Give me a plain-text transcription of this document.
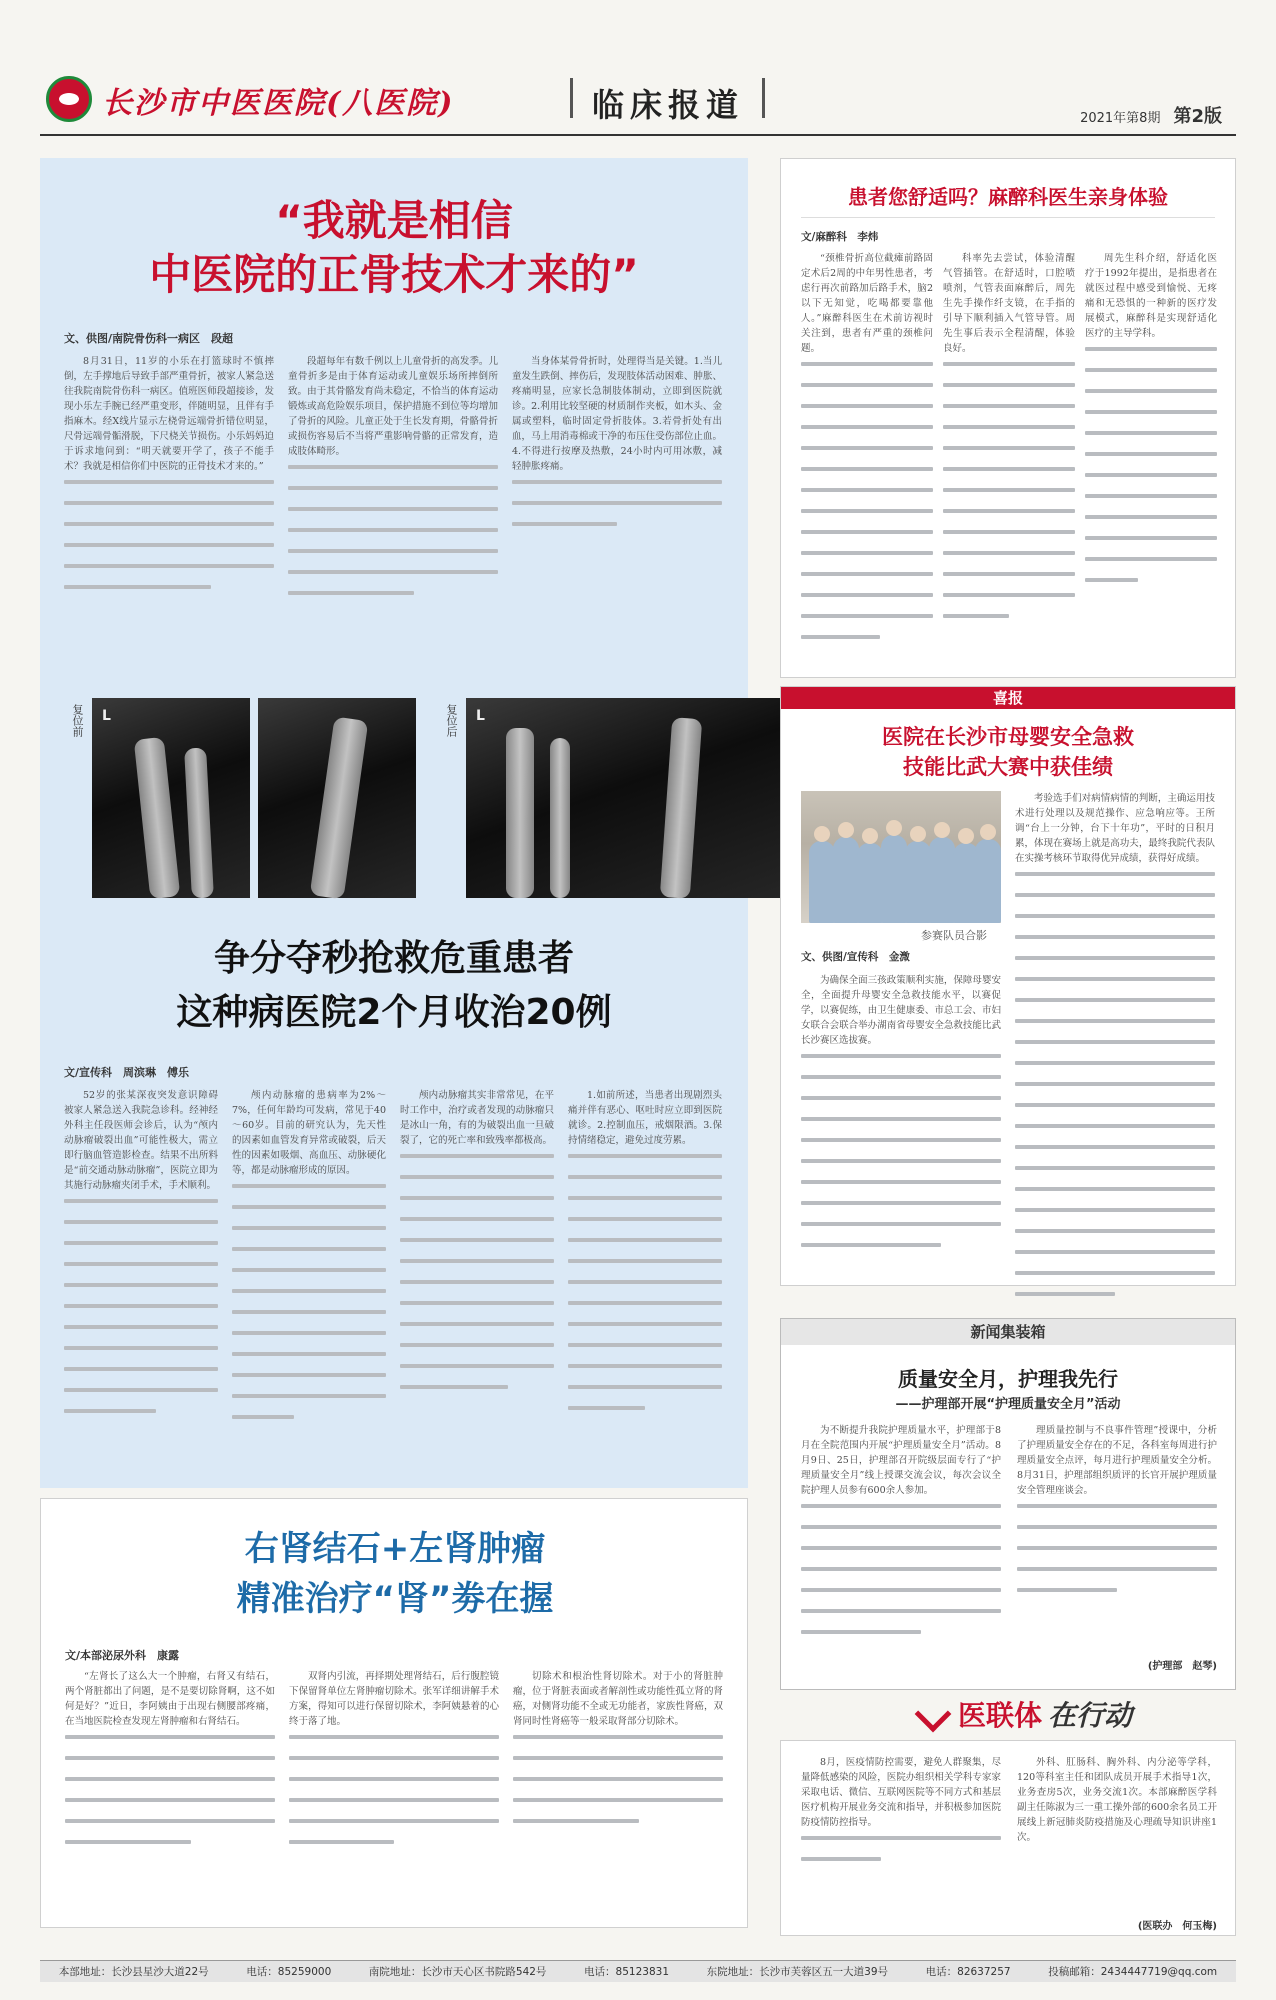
长沙市中医医院(八医院)	临床报道	2021年第8期　 第2版
“我就是相信
中医院的正骨技术才来的”
文、供图/南院骨伤科一病区　段超

8月31日，11岁的小乐在打篮球时不慎摔倒，左手撑地后导致手部严重骨折，被家人紧急送往我院南院骨伤科一病区。值班医师段超接诊，发现小乐左手腕已经严重变形，伴随明显，且伴有手指麻木。经X线片显示左桡骨远端骨折错位明显，尺骨远端骨骺滑脱，下尺桡关节损伤。小乐妈妈迫于诉求地问到：“明天就要开学了，孩子不能手术？我就是相信你们中医院的正骨技术才来的。”

段超每年有数千例以上儿童骨折的高发季。儿童骨折多是由于体育运动或儿童娱乐场所摔倒所致。由于其骨骼发育尚未稳定，不恰当的体育运动锻炼或高危险娱乐项目，保护措施不到位等均增加了骨折的风险。儿童正处于生长发育期，骨骼骨折或损伤容易后不当将严重影响骨骼的正常发育，造成肢体畸形。

当身体某骨骨折时，处理得当是关键。1.当儿童发生跌倒、摔伤后，发现肢体活动困难、肿胀、疼痛明显，应家长急制肢体制动，立即到医院就诊。2.利用比较坚硬的材质制作夹板，如木头、金属或塑料，临时固定骨折肢体。3.若骨折处有出血，马上用消毒棉或干净的布压住受伤部位止血。4.不得进行按摩及热敷，24小时内可用冰敷，减轻肿胀疼痛。

复位前 L	复位后 L
争分夺秒抢救危重患者
这种病医院2个月收治20例
文/宣传科　周滨琳　傅乐

52岁的张某深夜突发意识障碍被家人紧急送入我院急诊科。经神经外科主任段医师会诊后，认为“颅内动脉瘤破裂出血”可能性极大，需立即行脑血管造影检查。结果不出所料是“前交通动脉动脉瘤”，医院立即为其施行动脉瘤夹闭手术，手术顺利。

颅内动脉瘤的患病率为2%～7%，任何年龄均可发病，常见于40～60岁。目前的研究认为，先天性的因素如血管发育异常或破裂，后天性的因素如吸烟、高血压、动脉硬化等，都是动脉瘤形成的原因。

颅内动脉瘤其实非常常见，在平时工作中，治疗或者发现的动脉瘤只是冰山一角，有的为破裂出血一旦破裂了，它的死亡率和致残率都极高。

1.如前所述，当患者出现剧烈头痛并伴有恶心、呕吐时应立即到医院就诊。2.控制血压，戒烟限酒。3.保持情绪稳定，避免过度劳累。

右肾结石+左肾肿瘤
精准治疗“肾”劵在握
文/本部泌尿外科　康露

“左肾长了这么大一个肿瘤，右肾又有结石，两个肾脏都出了问题，是不是要切除肾啊，这不如何是好？”近日，李阿姨由于出现右侧腰部疼痛，在当地医院检查发现左肾肿瘤和右肾结石。

双肾内引流，再择期处理肾结石，后行腹腔镜下保留肾单位左肾肿瘤切除术。张军详细讲解手术方案，得知可以进行保留切除术，李阿姨悬着的心终于落了地。

切除术和根治性肾切除术。对于小的肾脏肿瘤，位于肾脏表面或者解剖性或功能性孤立肾的肾癌，对侧肾功能不全或无功能者，家族性肾癌，双肾同时性肾癌等一般采取肾部分切除术。

患者您舒适吗？麻醉科医生亲身体验
文/麻醉科　李炜

“颈椎骨折高位截瘫前路固定术后2周的中年男性患者，考虑行再次前路加后路手术，脑2以下无知觉，吃喝都要靠他人。”麻醉科医生在术前访视时关注到，患者有严重的颈椎问题。

科率先去尝试，体验清醒气管插管。在舒适时，口腔喷喷剂，气管表面麻醉后，周先生先手操作纤支镜，在手指的引导下顺利插入气管导管。周先生事后表示全程清醒，体验良好。

周先生科介绍，舒适化医疗于1992年提出，是指患者在就医过程中感受到愉悦、无疼痛和无恐惧的一种新的医疗发展模式，麻醉科是实现舒适化医疗的主导学科。

喜报
医院在长沙市母婴安全急救
技能比武大赛中获佳绩
参赛队员合影
文、供图/宣传科　金溦

为确保全面三孩政策顺利实施，保障母婴安全，全面提升母婴安全急救技能水平，以赛促学，以赛促练，由卫生健康委、市总工会、市妇女联合会联合举办湖南省母婴安全急救技能比武长沙赛区选拔赛。

考验选手们对病情病情的判断，主确运用技术进行处理以及规范操作、应急响应等。王所调“台上一分钟，台下十年功”，平时的日积月累，体现在赛场上就是高功夫，最终我院代表队在实操考核环节取得优异成绩，获得好成绩。

新闻集装箱
质量安全月，护理我先行
——护理部开展“护理质量安全月”活动

为不断提升我院护理质量水平，护理部于8月在全院范围内开展“护理质量安全月”活动。8月9日、25日，护理部召开院级层面专行了“护理质量安全月”线上授课交流会议，每次会议全院护理人员参有600余人参加。

理质量控制与不良事件管理”授课中，分析了护理质量安全存在的不足，各科室每周进行护理质量安全点评，每月进行护理质量安全分析。8月31日，护理部组织质评的长官开展护理质量安全管理座谈会。

(护理部　赵琴)
医联体 在行动

8月，医疫情防控需要，避免人群聚集，尽量降低感染的风险，医院办组织相关学科专家家采取电话、微信、互联网医院等不同方式和基层医疗机构开展业务交流和指导，并积极参加医院防疫情防控指导。

外科、肛肠科、胸外科、内分泌等学科，120等科室主任和团队成员开展手术指导1次，业务查房5次，业务交流1次。本部麻醉医学科副主任陈淑为三一重工操外部的600余名员工开展线上新冠肺炎防疫措施及心理疏导知识讲座1次。

(医联办　何玉梅)
本部地址：长沙县星沙大道22号	电话：85259000	南院地址：长沙市天心区书院路542号	电话：85123831	东院地址：长沙市芙蓉区五一大道39号	电话：82637257	投稿邮箱：2434447719@qq.com
